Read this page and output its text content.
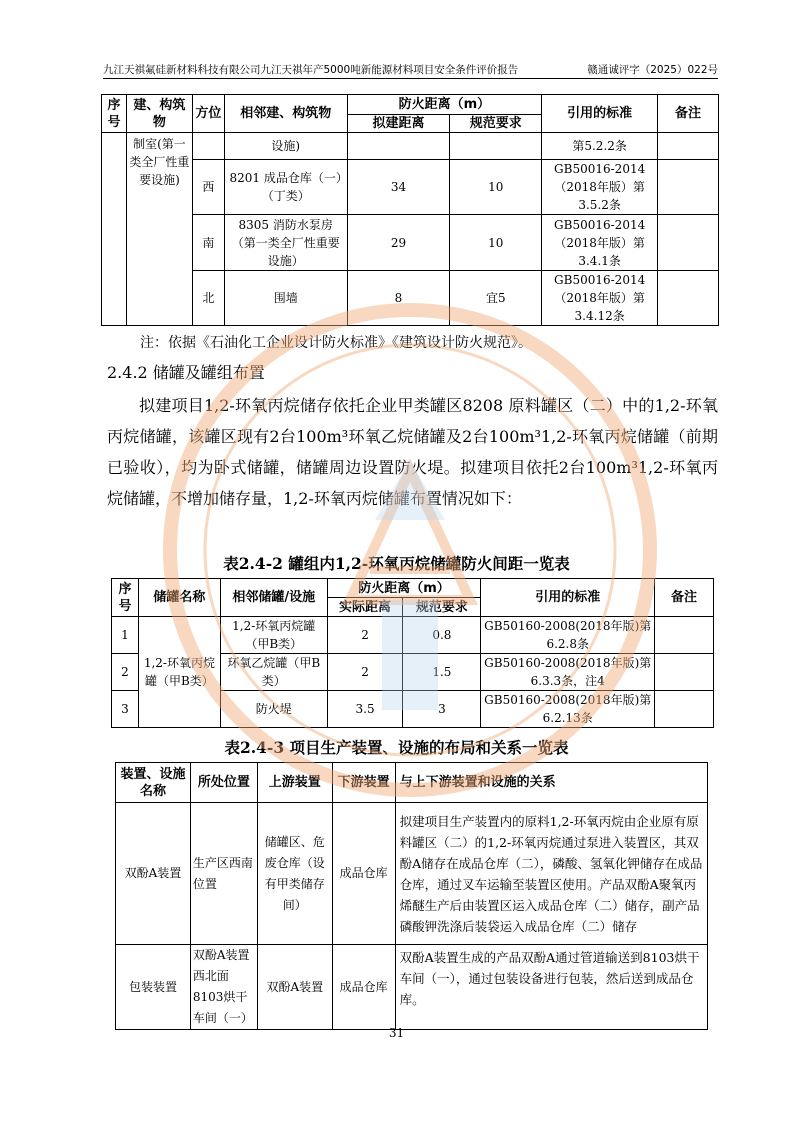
九江天祺氟硅新材料科技有限公司九江天祺年产5000吨新能源材料项目安全条件评价报告	赣通诚评字（2025）022号
序号	建、构筑物	方位	相邻建、构筑物	防火距离（m）		引用的标准	备注
				拟建距离	规范要求		
	制室(第一类全厂性重要设施)		设施)			第5.2.2条	
		西	8201 成品仓库（一）（丁类）	34	10	GB50016-2014（2018年版）第3.5.2条	
		南	8305 消防水泵房（第一类全厂性重要设施）	29	10	GB50016-2014（2018年版）第3.4.1条	
		北	围墙	8	宜5	GB50016-2014（2018年版）第3.4.12条	
注：依据《石油化工企业设计防火标准》《建筑设计防火规范》。
2.4.2 储罐及罐组布置
拟建项目1,2-环氧丙烷储存依托企业甲类罐区8208 原料罐区（二）中的1,2-环氧丙烷储罐，该罐区现有2台100m³环氧乙烷储罐及2台100m³1,2-环氧丙烷储罐（前期已验收），均为卧式储罐，储罐周边设置防火堤。拟建项目依托2台100m³1,2-环氧丙烷储罐，不增加储存量，1,2-环氧丙烷储罐布置情况如下：
表2.4-2 罐组内1,2-环氧丙烷储罐防火间距一览表
序号	储罐名称	相邻储罐/设施	防火距离（m）		引用的标准	备注
			实际距离	规范要求		
1	1,2-环氧丙烷罐（甲B类）	1,2-环氧丙烷罐（甲B类）	2	0.8	GB50160-2008(2018年版)第6.2.8条	
2		环氧乙烷罐（甲B类）	2	1.5	GB50160-2008(2018年版)第6.3.3条，注4	
3		防火堤	3.5	3	GB50160-2008(2018年版)第6.2.13条	
表2.4-3 项目生产装置、设施的布局和关系一览表
装置、设施名称	所处位置	上游装置	下游装置	与上下游装置和设施的关系
双酚A装置	生产区西南位置	储罐区、危废仓库（设有甲类储存间）	成品仓库	拟建项目生产装置内的原料1,2-环氧丙烷由企业原有原料罐区（二）的1,2-环氧丙烷通过泵进入装置区，其双酚A储存在成品仓库（二），磷酸、氢氧化钾储存在成品仓库，通过叉车运输至装置区使用。产品双酚A聚氧丙烯醚生产后由装置区运入成品仓库（二）储存，副产品磷酸钾洗涤后装袋运入成品仓库（二）储存
包装装置	双酚A装置西北面8103烘干车间（一）	双酚A装置	成品仓库	双酚A装置生成的产品双酚A通过管道输送到8103烘干车间（一），通过包装设备进行包装，然后送到成品仓库。
31
